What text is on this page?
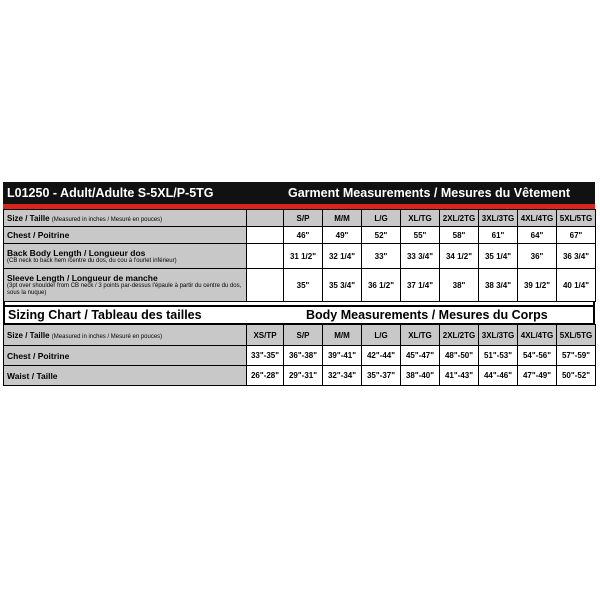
L01250 - Adult/Adulte S-5XL/P-5TG	Garment Measurements / Mesures du Vêtement
Size / Taille (Measured in inches / Mesuré en pouces)		S/P	M/M	L/G	XL/TG	2XL/2TG	3XL/3TG	4XL/4TG	5XL/5TG
Chest / Poitrine		46"	49"	52"	55"	58"	61"	64"	67"
Back Body Length / Longueur dos
(CB neck to back hem /centre du dos, du cou à l'ourlet inférieur)		31 1/2"	32 1/4"	33"	33 3/4"	34 1/2"	35 1/4"	36"	36 3/4"
Sleeve Length / Longueur de manche
(3pt over shoulder from CB neck / 3 points par-dessus l'épaule à partir du centre du dos, sous la nuque)		35"	35 3/4"	36 1/2"	37 1/4"	38"	38 3/4"	39 1/2"	40 1/4"
Sizing Chart / Tableau des tailles	Body Measurements / Mesures du Corps
Size / Taille (Measured in inches / Mesuré en pouces)	XS/TP	S/P	M/M	L/G	XL/TG	2XL/2TG	3XL/3TG	4XL/4TG	5XL/5TG
Chest / Poitrine	33"-35"	36"-38"	39"-41"	42"-44"	45"-47"	48"-50"	51"-53"	54"-56"	57"-59"
Waist / Taille	26"-28"	29"-31"	32"-34"	35"-37"	38"-40"	41"-43"	44"-46"	47"-49"	50"-52"
